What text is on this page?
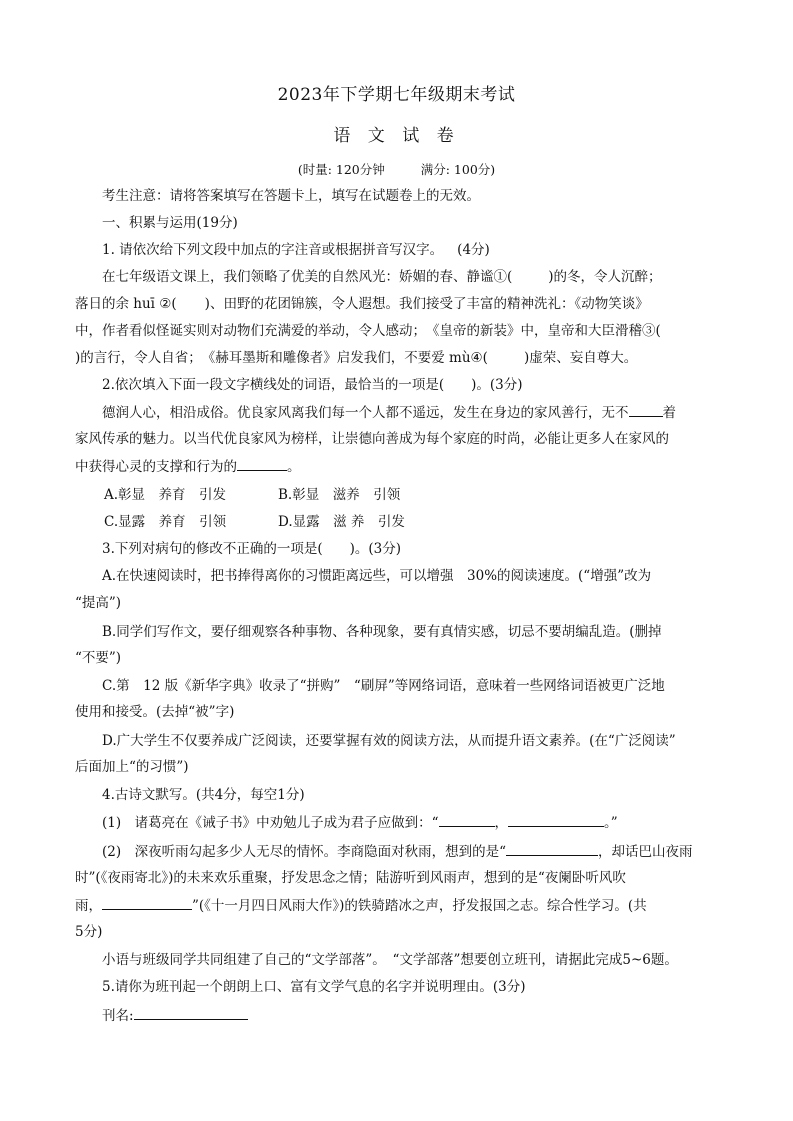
2023年下学期七年级期末考试
语 文 试 卷
(时量: 120分钟	满分: 100分)
考生注意：请将答案填写在答题卡上，填写在试题卷上的无效。
一、积累与运用(19分)
1. 请依次给下列文段中加点的字注音或根据拼音写汉字。 (4分)
在七年级语文课上，我们领略了优美的自然风光：娇媚的春、静谧①(	)的冬，令人沉醉；
落日的余 huī ②( )、田野的花团锦簇，令人遐想。我们接受了丰富的精神洗礼：《动物笑谈》
中，作者看似怪诞实则对动物们充满爱的举动，令人感动；　《皇帝的新装》中，皇帝和大臣滑稽③(
)的言行，令人自省；　《赫耳墨斯和雕像者》启发我们，不要爱 mù④(	)虚荣、妄自尊大。
2.依次填入下面一段文字横线处的词语，最恰当的一项是(　　)。(3分)
德润人心，相沿成俗。优良家风离我们每一个人都不遥远，发生在身边的家风善行，无不	着
家风传承的魅力。以当代优良家风为榜样，让崇德向善成为每个家庭的时尚，必能让更多人在家风的
中获得心灵的支撑和行为的	。
A.彰显　养育　引发	B.彰显　滋养　引领
C.显露　养育　引领	D.显露　滋 养　引发
3.下列对病句的修改不正确的一项是(　　)。(3分)
A.在快速阅读时，把书捧得离你的习惯距离远些，可以增强　30%的阅读速度。(“增强”改为
“提高”)
B.同学们写作文，要仔细观察各种事物、各种现象，要有真情实感，切忌不要胡编乱造。(删掉
“不要”)
C.第　12 版《新华字典》收录了“拼购”　“刷屏”等网络词语，意味着一些网络词语被更广泛地
使用和接受。(去掉“被”字)
D.广大学生不仅要养成广泛阅读，还要掌握有效的阅读方法，从而提升语文素养。(在“广泛阅读”
后面加上“的习惯”)
4.古诗文默写。(共4分，每空1分)
(1)　诸葛亮在《诫子书》中劝勉儿子成为君子应做到：“	，	。”
(2)　深夜听雨勾起多少人无尽的情怀。李商隐面对秋雨，想到的是“	，却话巴山夜雨
时”(《夜雨寄北》)的未来欢乐重聚，抒发思念之情；陆游听到风雨声，想到的是“夜阑卧听风吹
雨，	”(《十一月四日风雨大作》)的铁骑踏冰之声，抒发报国之志。综合性学习。(共
5分)
小语与班级同学共同组建了自己的“文学部落”。　“文学部落”想要创立班刊，请据此完成5~6题。
5.请你为班刊起一个朗朗上口、富有文学气息的名字并说明理由。(3分)
刊名:
